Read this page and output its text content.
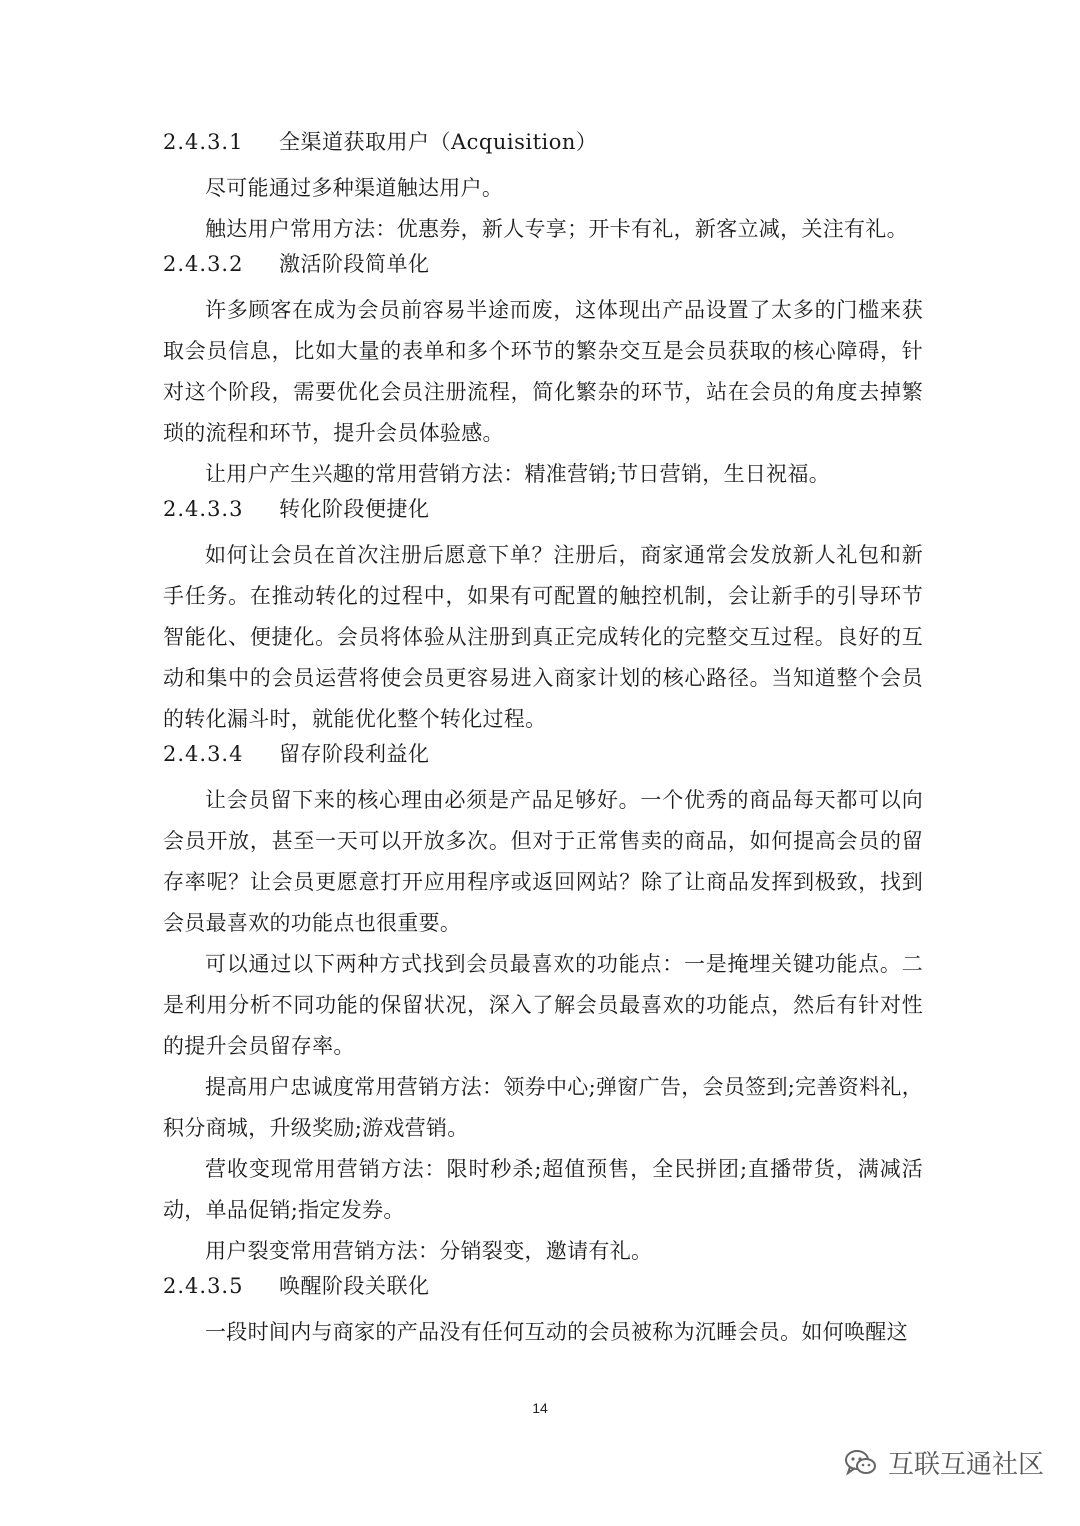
2.4.3.1	全渠道获取用户（Acquisition）

尽可能通过多种渠道触达用户。

触达用户常用方法：优惠券，新人专享；开卡有礼，新客立减，关注有礼。

2.4.3.2	激活阶段简单化

许多顾客在成为会员前容易半途而废，这体现出产品设置了太多的门槛来获取会员信息，比如大量的表单和多个环节的繁杂交互是会员获取的核心障碍，针对这个阶段，需要优化会员注册流程，简化繁杂的环节，站在会员的角度去掉繁琐的流程和环节，提升会员体验感。

让用户产生兴趣的常用营销方法：精准营销;节日营销，生日祝福。

2.4.3.3	转化阶段便捷化

如何让会员在首次注册后愿意下单？注册后，商家通常会发放新人礼包和新手任务。在推动转化的过程中，如果有可配置的触控机制，会让新手的引导环节智能化、便捷化。会员将体验从注册到真正完成转化的完整交互过程。良好的互动和集中的会员运营将使会员更容易进入商家计划的核心路径。当知道整个会员的转化漏斗时，就能优化整个转化过程。

2.4.3.4	留存阶段利益化

让会员留下来的核心理由必须是产品足够好。一个优秀的商品每天都可以向会员开放，甚至一天可以开放多次。但对于正常售卖的商品，如何提高会员的留存率呢？让会员更愿意打开应用程序或返回网站？除了让商品发挥到极致，找到会员最喜欢的功能点也很重要。

可以通过以下两种方式找到会员最喜欢的功能点：一是掩埋关键功能点。二是利用分析不同功能的保留状况，深入了解会员最喜欢的功能点，然后有针对性的提升会员留存率。

提高用户忠诚度常用营销方法：领券中心;弹窗广告，会员签到;完善资料礼，积分商城，升级奖励;游戏营销。

营收变现常用营销方法：限时秒杀;超值预售，全民拼团;直播带货，满减活动，单品促销;指定发券。

用户裂变常用营销方法：分销裂变，邀请有礼。

2.4.3.5	唤醒阶段关联化

一段时间内与商家的产品没有任何互动的会员被称为沉睡会员。如何唤醒这

14
互联互通社区
